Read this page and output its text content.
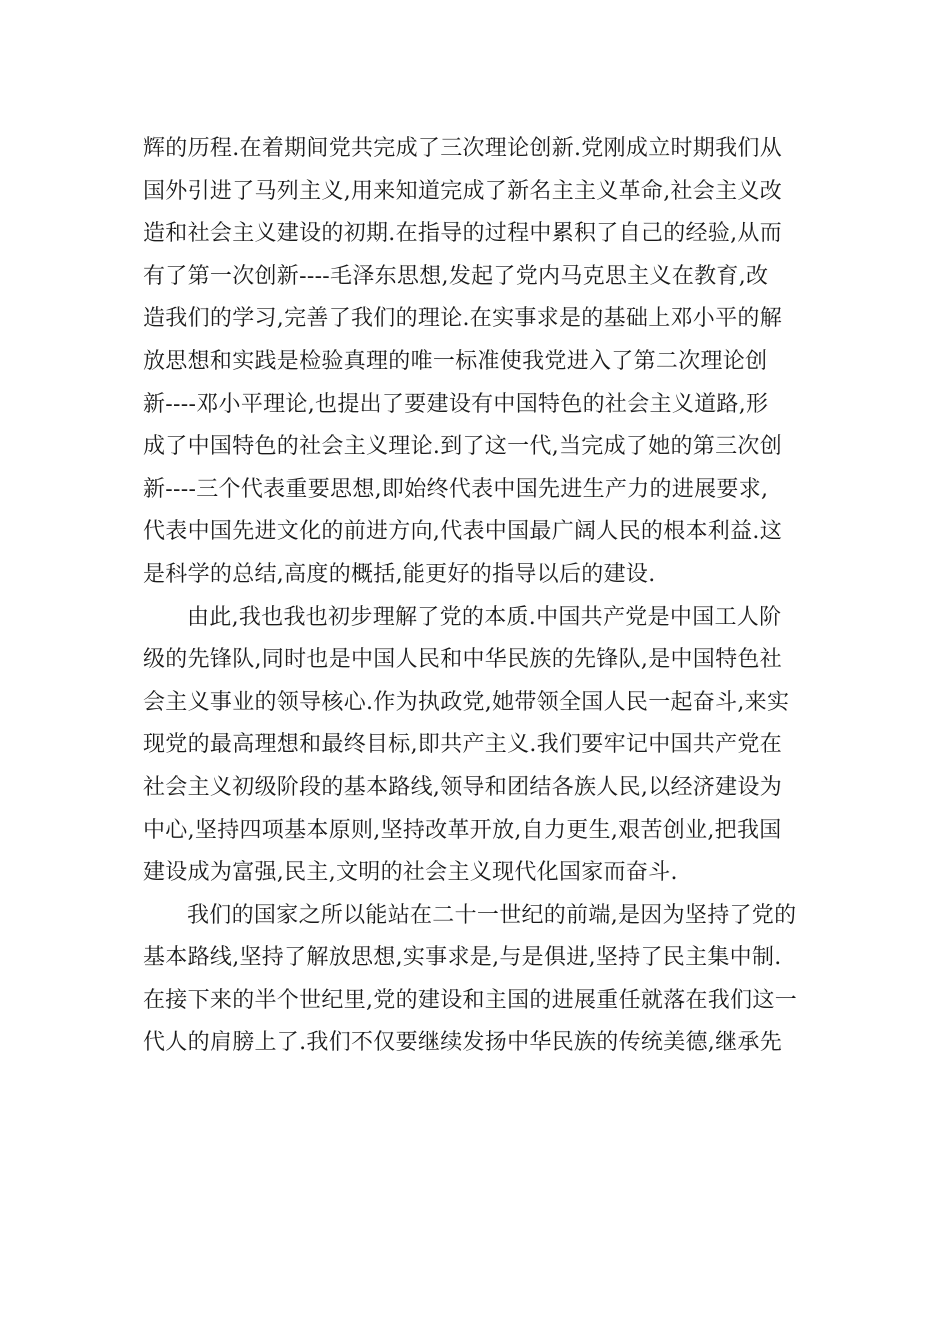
辉的历程.在着期间党共完成了三次理论创新.党刚成立时期我们从
国外引进了马列主义,用来知道完成了新名主主义革命,社会主义改
造和社会主义建设的初期.在指导的过程中累积了自己的经验,从而
有了第一次创新----毛泽东思想,发起了党内马克思主义在教育,改
造我们的学习,完善了我们的理论.在实事求是的基础上邓小平的解
放思想和实践是检验真理的唯一标准使我党进入了第二次理论创
新----邓小平理论,也提出了要建设有中国特色的社会主义道路,形
成了中国特色的社会主义理论.到了这一代,当完成了她的第三次创
新----三个代表重要思想,即始终代表中国先进生产力的进展要求,
代表中国先进文化的前进方向,代表中国最广阔人民的根本利益.这
是科学的总结,高度的概括,能更好的指导以后的建设.
由此,我也我也初步理解了党的本质.中国共产党是中国工人阶
级的先锋队,同时也是中国人民和中华民族的先锋队,是中国特色社
会主义事业的领导核心.作为执政党,她带领全国人民一起奋斗,来实
现党的最高理想和最终目标,即共产主义.我们要牢记中国共产党在
社会主义初级阶段的基本路线,领导和团结各族人民,以经济建设为
中心,坚持四项基本原则,坚持改革开放,自力更生,艰苦创业,把我国
建设成为富强,民主,文明的社会主义现代化国家而奋斗.
我们的国家之所以能站在二十一世纪的前端,是因为坚持了党的
基本路线,坚持了解放思想,实事求是,与是俱进,坚持了民主集中制.
在接下来的半个世纪里,党的建设和主国的进展重任就落在我们这一
代人的肩膀上了.我们不仅要继续发扬中华民族的传统美德,继承先
